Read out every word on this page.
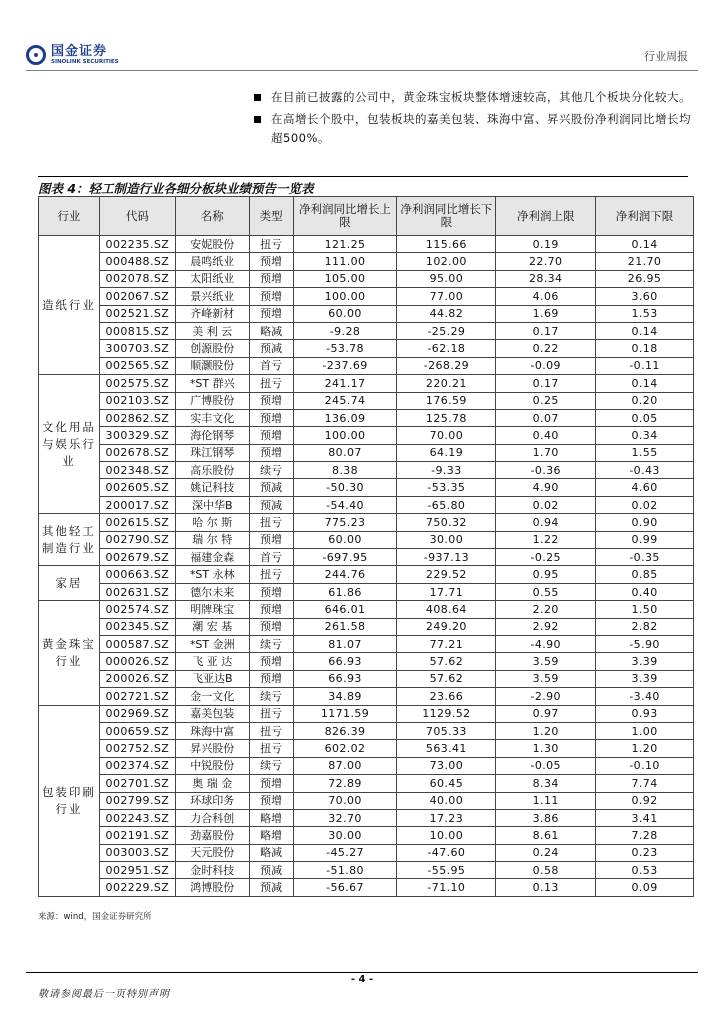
国金证券
SINOLINK SECURITIES	行业周报
在目前已披露的公司中，黄金珠宝板块整体增速较高，其他几个板块分化较大。
在高增长个股中，包装板块的嘉美包装、珠海中富、昇兴股份净利润同比增长均超500%。
图表 4：轻工制造行业各细分板块业绩预告一览表
行业	代码	名称	类型	净利润同比增长上限	净利润同比增长下限	净利润上限	净利润下限
造纸行业	002235.SZ	安妮股份	扭亏	121.25	115.66	0.19	0.14
	000488.SZ	晨鸣纸业	预增	111.00	102.00	22.70	21.70
	002078.SZ	太阳纸业	预增	105.00	95.00	28.34	26.95
	002067.SZ	景兴纸业	预增	100.00	77.00	4.06	3.60
	002521.SZ	齐峰新材	预增	60.00	44.82	1.69	1.53
	000815.SZ	美 利 云	略减	-9.28	-25.29	0.17	0.14
	300703.SZ	创源股份	预减	-53.78	-62.18	0.22	0.18
	002565.SZ	顺灏股份	首亏	-237.69	-268.29	-0.09	-0.11
文化用品与娱乐行业	002575.SZ	*ST 群兴	扭亏	241.17	220.21	0.17	0.14
	002103.SZ	广博股份	预增	245.74	176.59	0.25	0.20
	002862.SZ	实丰文化	预增	136.09	125.78	0.07	0.05
	300329.SZ	海伦钢琴	预增	100.00	70.00	0.40	0.34
	002678.SZ	珠江钢琴	预增	80.07	64.19	1.70	1.55
	002348.SZ	高乐股份	续亏	8.38	-9.33	-0.36	-0.43
	002605.SZ	姚记科技	预减	-50.30	-53.35	4.90	4.60
	200017.SZ	深中华B	预减	-54.40	-65.80	0.02	0.02
其他轻工制造行业	002615.SZ	哈 尔 斯	扭亏	775.23	750.32	0.94	0.90
	002790.SZ	瑞 尔 特	预增	60.00	30.00	1.22	0.99
	002679.SZ	福建金森	首亏	-697.95	-937.13	-0.25	-0.35
家居	000663.SZ	*ST 永林	扭亏	244.76	229.52	0.95	0.85
	002631.SZ	德尔未来	预增	61.86	17.71	0.55	0.40
黄金珠宝行业	002574.SZ	明牌珠宝	预增	646.01	408.64	2.20	1.50
	002345.SZ	潮 宏 基	预增	261.58	249.20	2.92	2.82
	000587.SZ	*ST 金洲	续亏	81.07	77.21	-4.90	-5.90
	000026.SZ	飞 亚 达	预增	66.93	57.62	3.59	3.39
	200026.SZ	飞亚达B	预增	66.93	57.62	3.59	3.39
	002721.SZ	金一文化	续亏	34.89	23.66	-2.90	-3.40
包装印刷行业	002969.SZ	嘉美包装	扭亏	1171.59	1129.52	0.97	0.93
	000659.SZ	珠海中富	扭亏	826.39	705.33	1.20	1.00
	002752.SZ	昇兴股份	扭亏	602.02	563.41	1.30	1.20
	002374.SZ	中锐股份	续亏	87.00	73.00	-0.05	-0.10
	002701.SZ	奥 瑞 金	预增	72.89	60.45	8.34	7.74
	002799.SZ	环球印务	预增	70.00	40.00	1.11	0.92
	002243.SZ	力合科创	略增	32.70	17.23	3.86	3.41
	002191.SZ	劲嘉股份	略增	30.00	10.00	8.61	7.28
	003003.SZ	天元股份	略减	-45.27	-47.60	0.24	0.23
	002951.SZ	金时科技	预减	-51.80	-55.95	0.58	0.53
	002229.SZ	鸿博股份	预减	-56.67	-71.10	0.13	0.09
来源：wind，国金证券研究所
- 4 -
敬请参阅最后一页特别声明
